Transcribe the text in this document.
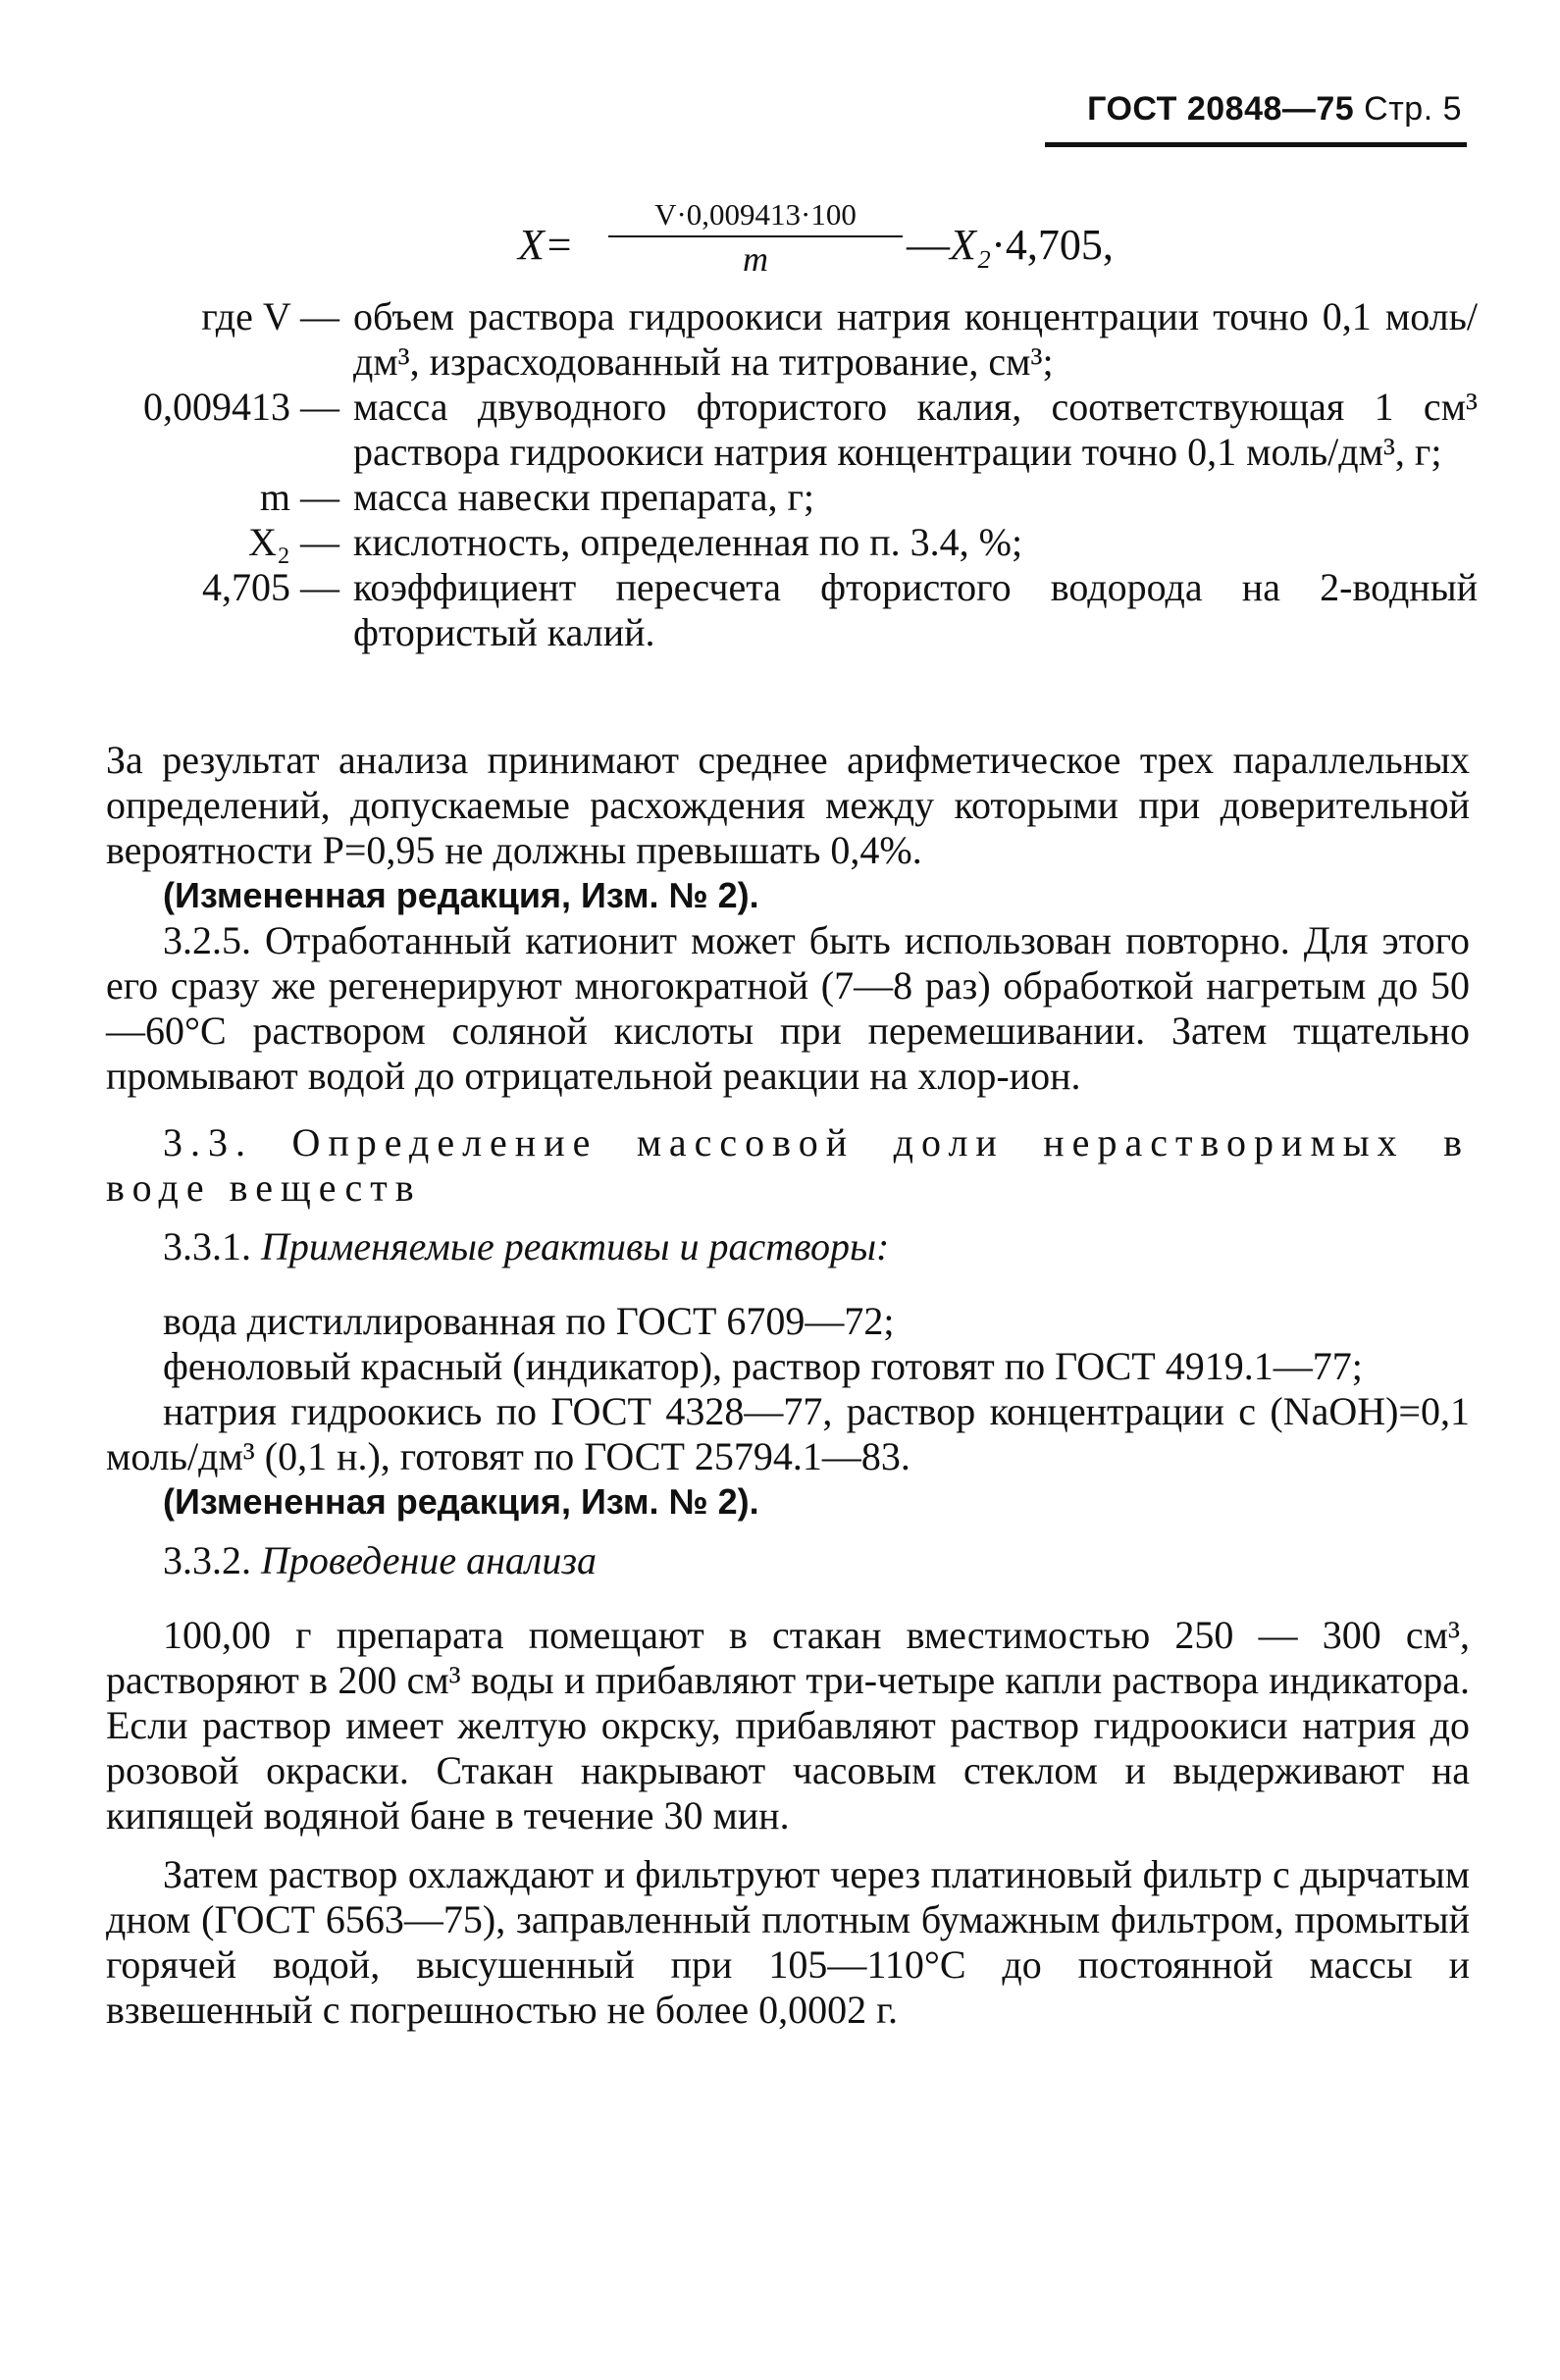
ГОСТ 20848—75 Стр. 5
X=
V·0,009413·100
m	—X₂·4,705,
где V — объем раствора гидроокиси натрия концентрации точно 0,1 моль/дм³, израсходованный на титрование, см³;
0,009413 — масса двуводного фтористого калия, соответствующая 1 см³ раствора гидроокиси натрия концентрации точно 0,1 моль/дм³, г;
m — масса навески препарата, г;
X₂ — кислотность, определенная по п. 3.4, %;
4,705 — коэффициент пересчета фтористого водорода на 2-водный фтористый калий.

За результат анализа принимают среднее арифметическое трех параллельных определений, допускаемые расхождения между которыми при доверительной вероятности P=0,95 не должны превышать 0,4%.

(Измененная редакция, Изм. № 2).

3.2.5. Отработанный катионит может быть использован повторно. Для этого его сразу же регенерируют многократной (7—8 раз) обработкой нагретым до 50—60°С раствором соляной кислоты при перемешивании. Затем тщательно промывают водой до отрицательной реакции на хлор-ион.

3.3. Определение массовой доли нерастворимых в воде веществ

3.3.1. Применяемые реактивы и растворы:

вода дистиллированная по ГОСТ 6709—72;

феноловый красный (индикатор), раствор готовят по ГОСТ 4919.1—77;

натрия гидроокись по ГОСТ 4328—77, раствор концентрации c (NaOH)=0,1 моль/дм³ (0,1 н.), готовят по ГОСТ 25794.1—83.

(Измененная редакция, Изм. № 2).

3.3.2. Проведение анализа

100,00 г препарата помещают в стакан вместимостью 250 — 300 см³, растворяют в 200 см³ воды и прибавляют три-четыре капли раствора индикатора. Если раствор имеет желтую окрску, прибавляют раствор гидроокиси натрия до розовой окраски. Стакан накрывают часовым стеклом и выдерживают на кипящей водяной бане в течение 30 мин.

Затем раствор охлаждают и фильтруют через платиновый фильтр с дырчатым дном (ГОСТ 6563—75), заправленный плотным бумажным фильтром, промытый горячей водой, высушенный при 105—110°С до постоянной массы и взвешенный с погрешностью не более 0,0002 г.
